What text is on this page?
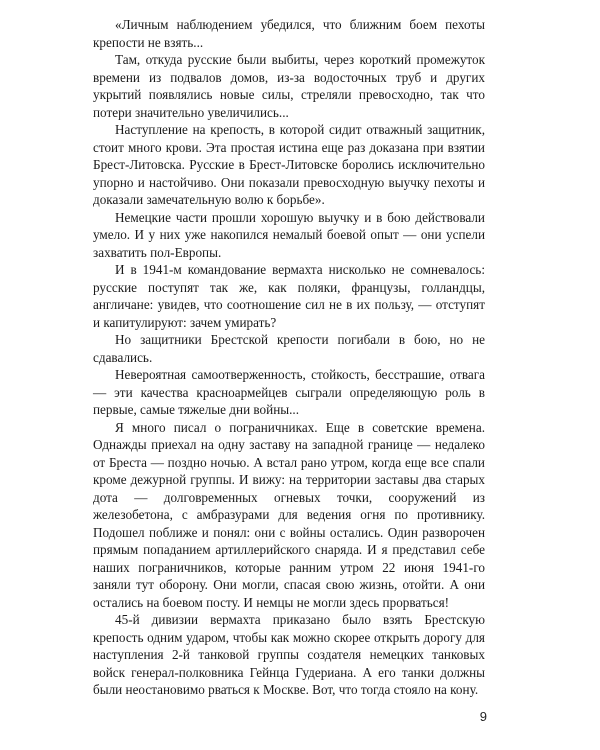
«Личным наблюдением убедился, что ближним боем пехоты крепости не взять...

Там, откуда русские были выбиты, через короткий промежуток времени из подвалов домов, из-за водосточных труб и других укрытий появлялись новые силы, стреляли превосходно, так что потери значительно увеличились...

Наступление на крепость, в которой сидит отважный защитник, стоит много крови. Эта простая истина еще раз доказана при взятии Брест-Литовска. Русские в Брест-Литовске боролись исключительно упорно и настойчиво. Они показали превосходную выучку пехоты и доказали замечательную волю к борьбе».

Немецкие части прошли хорошую выучку и в бою действовали умело. И у них уже накопился немалый боевой опыт — они успели захватить пол-Европы.

И в 1941-м командование вермахта нисколько не сомневалось: русские поступят так же, как поляки, французы, голландцы, англичане: увидев, что соотношение сил не в их пользу, — отступят и капитулируют: зачем умирать?

Но защитники Брестской крепости погибали в бою, но не сдавались.

Невероятная самоотверженность, стойкость, бесстрашие, отвага — эти качества красноармейцев сыграли определяющую роль в первые, самые тяжелые дни войны...

Я много писал о пограничниках. Еще в советские времена. Однажды приехал на одну заставу на западной границе — недалеко от Бреста — поздно ночью. А встал рано утром, когда еще все спали кроме дежурной группы. И вижу: на территории заставы два старых дота — долговременных огневых точки, сооружений из железобетона, с амбразурами для ведения огня по противнику. Подошел поближе и понял: они с войны остались. Один разворочен прямым попаданием артиллерийского снаряда. И я представил себе наших пограничников, которые ранним утром 22 июня 1941-го заняли тут оборону. Они могли, спасая свою жизнь, отойти. А они остались на боевом посту. И немцы не могли здесь прорваться!

45-й дивизии вермахта приказано было взять Брестскую крепость одним ударом, чтобы как можно скорее открыть дорогу для наступления 2-й танковой группы создателя немецких танковых войск генерал-полковника Гейнца Гудериана. А его танки должны были неостановимо рваться к Москве. Вот, что тогда стояло на кону.

9
